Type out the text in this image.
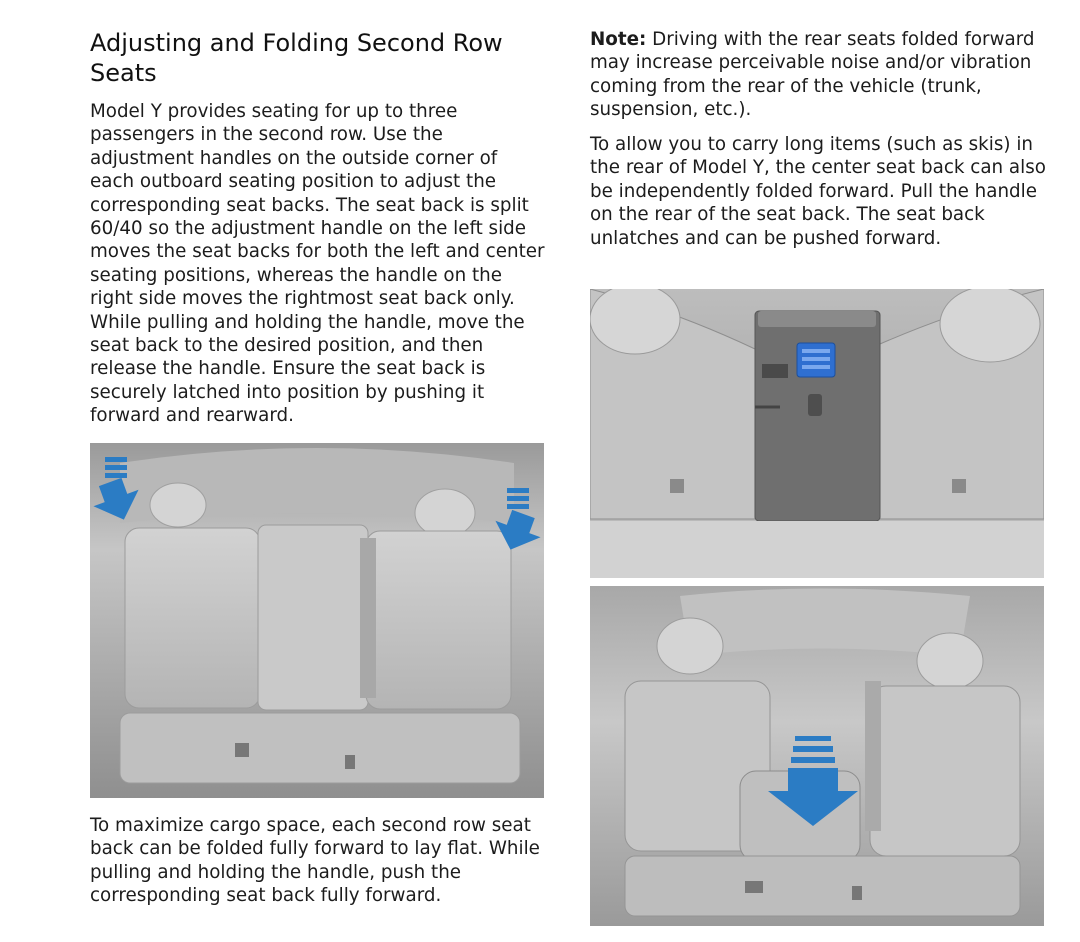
Adjusting and Folding Second Row Seats

Model Y provides seating for up to three passengers in the second row. Use the adjustment handles on the outside corner of each outboard seating position to adjust the corresponding seat backs. The seat back is split 60/40 so the adjustment handle on the left side moves the seat backs for both the left and center seating positions, whereas the handle on the right side moves the rightmost seat back only. While pulling and holding the handle, move the seat back to the desired position, and then release the handle. Ensure the seat back is securely latched into position by pushing it forward and rearward.

To maximize cargo space, each second row seat back can be folded fully forward to lay flat. While pulling and holding the handle, push the corresponding seat back fully forward.

Note: Driving with the rear seats folded forward may increase perceivable noise and/or vibration coming from the rear of the vehicle (trunk, suspension, etc.).

To allow you to carry long items (such as skis) in the rear of Model Y, the center seat back can also be independently folded forward. Pull the handle on the rear of the seat back. The seat back unlatches and can be pushed forward.
